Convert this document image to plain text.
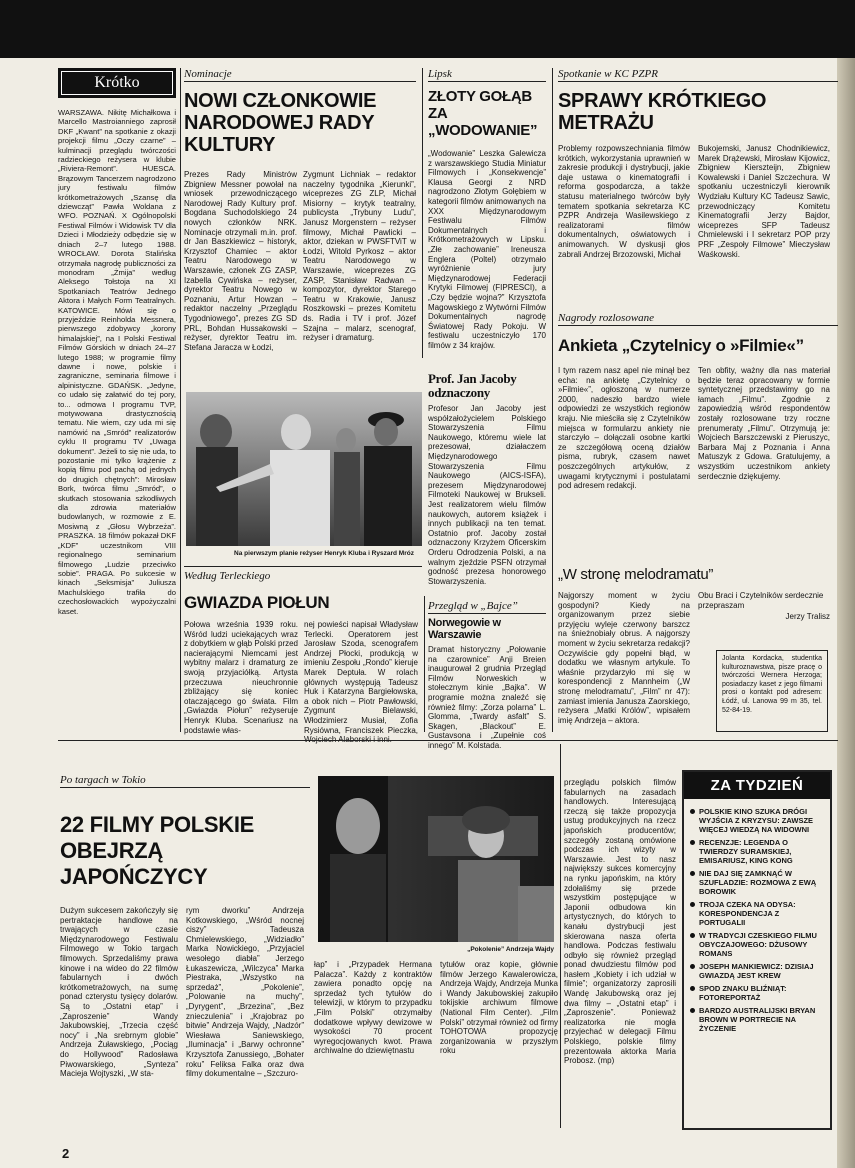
Krótko
WARSZAWA. Nikitę Michałkowa i Marcello Mastroianniego zaprosił DKF „Kwant” na spotkanie z okazji projekcji filmu „Oczy czarne” – kulminacji przeglądu twórczości radzieckiego reżysera w klubie „Riviera-Remont”. HUESCA. Brązowym Tancerzem nagrodzono jury festiwalu filmów krótkometrażowych „Szansę dla dziewcząt” Pawła Woldana z WFO. POZNAŃ. X Ogólnopolski Festiwal Filmów i Widowisk TV dla Dzieci i Młodzieży odbędzie się w dniach 2–7 lutego 1988. WROCŁAW. Dorota Stalińska otrzymała nagrodę publiczności za monodram „Żmija” według Aleksego Tołstoja na XI Spotkaniach Teatrów Jednego Aktora i Małych Form Teatralnych. KATOWICE. Mówi się o przyjeździe Reinholda Messnera, pierwszego zdobywcy „korony himalajskiej”, na I Polski Festiwal Filmów Górskich w dniach 24–27 lutego 1988; w programie filmy dawne i nowe, polskie i zagraniczne, seminaria filmowe i alpinistyczne. GDAŃSK. „Jedyne, co udało się załatwić do tej pory, to... odmowa I programu TVP, motywowana drastycznością tematu. Nie wiem, czy uda mi się namówić na „Smród” realizatorów cyklu II programu TV „Uwaga dokument”. Jeżeli to się nie uda, to pozostanie mi tylko krążenie z kopią filmu pod pachą od jednych do drugich chętnych”: Mirosław Bork, twórca filmu „Smród”, o skutkach stosowania szkodliwych dla zdrowia materiałów budowlanych, w rozmowie z E. Mosiwną z „Głosu Wybrzeża”. PRASZKA. 18 filmów pokazał DKF „KDF” uczestnikom VIII regionalnego seminarium filmowego „Ludzie przeciwko sobie”. PRAGA. Po sukcesie w kinach „Seksmisja” Juliusza Machulskiego trafiła do czechosłowackich wypożyczalni kaset.
Nominacje
NOWI CZŁONKOWIE NARODOWEJ RADY KULTURY
Prezes Rady Ministrów Zbigniew Messner powołał na wniosek przewodniczącego Narodowej Rady Kultury prof. Bogdana Suchodolskiego 24 nowych członków NRK. Nominacje otrzymali m.in. prof. dr Jan Baszkiewicz – historyk, Krzysztof Chamiec – aktor Teatru Narodowego w Warszawie, członek ZG ZASP, Izabella Cywińska – reżyser, dyrektor Teatru Nowego w Poznaniu, Artur Howzan – redaktor naczelny „Przeglądu Tygodniowego”, prezes ZG SD PRL, Bohdan Hussakowski – reżyser, dyrektor Teatru im. Stefana Jaracza w Łodzi,
Zygmunt Lichniak – redaktor naczelny tygodnika „Kierunki”, wiceprezes ZG ZLP, Michał Misiorny – krytyk teatralny, publicysta „Trybuny Ludu”, Janusz Morgenstern – reżyser filmowy, Michał Pawlicki – aktor, dziekan w PWSFTViT w Łodzi, Witold Pyrkosz – aktor Teatru Narodowego w Warszawie, wiceprezes ZG ZASP, Stanisław Radwan – kompozytor, dyrektor Starego Teatru w Krakowie, Janusz Roszkowski – prezes Komitetu ds. Radia i TV i prof. Józef Szajna – malarz, scenograf, reżyser i dramaturg.
Lipsk
ZŁOTY GOŁĄB ZA „WODOWANIE”
„Wodowanie” Leszka Galewicza z warszawskiego Studia Miniatur Filmowych i „Konsekwencje” Klausa Georgi z NRD nagrodzono Złotym Gołębiem w kategorii filmów animowanych na XXX Międzynarodowym Festiwalu Filmów Dokumentalnych i Krótkometrażowych w Lipsku. „Złe zachowanie” Ireneusza Englera (Poltel) otrzymało wyróżnienie jury Międzynarodowej Federacji Krytyki Filmowej (FIPRESCI), a „Czy będzie wojna?” Krzysztofa Magowskiego z Wytwórni Filmów Dokumentalnych nagrodę Światowej Rady Pokoju. W festiwalu uczestniczyło 170 filmów z 34 krajów.
Spotkanie w KC PZPR
SPRAWY KRÓTKIEGO METRAŻU
Problemy rozpowszechniania filmów krótkich, wykorzystania uprawnień w zakresie produkcji i dystrybucji, jakie daje ustawa o kinematografii i reforma gospodarcza, a także statusu materialnego twórców były tematem spotkania sekretarza KC PZPR Andrzeja Wasilewskiego z realizatorami filmów dokumentalnych, oświatowych i animowanych. W dyskusji głos zabrali Andrzej Brzozowski, Michał
Bukojemski, Janusz Chodnikiewicz, Marek Drążewski, Mirosław Kijowicz, Zbigniew Kierszteijn, Zbigniew Kowalewski i Daniel Szczechura. W spotkaniu uczestniczyli kierownik Wydziału Kultury KC Tadeusz Sawic, przewodniczący Komitetu Kinematografii Jerzy Bajdor, wiceprezes SFP Tadeusz Chmielewski i I sekretarz POP przy PRF „Zespoły Filmowe” Mieczysław Waśkowski.
Nagrody rozlosowane
Ankieta „Czytelnicy o »Filmie«”
I tym razem nasz apel nie minął bez echa: na ankietę „Czytelnicy o »Filmie«”, ogłoszoną w numerze 2000, nadeszło bardzo wiele odpowiedzi ze wszystkich regionów kraju. Nie mieściła się z Czytelników miejsca w formularzu ankiety nie starczyło – dołączali osobne kartki ze szczegółową oceną działów pisma, rubryk, czasem nawet poszczególnych artykułów, z uwagami krytycznymi i postulatami pod adresem redakcji.
Ten obfity, ważny dla nas materiał będzie teraz opracowany w formie syntetycznej przedstawimy go na łamach „Filmu”. Zgodnie z zapowiedzią wśród respondentów zostały rozlosowane trzy roczne prenumeraty „Filmu”. Otrzymują je: Wojciech Barszczewski z Pieruszyc, Barbara Maj z Poznania i Anna Matuszyk z Gdowa. Gratulujemy, a wszystkim uczestnikom ankiety serdecznie dziękujemy.
„W stronę melodramatu”
Najgorszy moment w życiu gospodyni? Kiedy na organizowanym przez siebie przyjęciu wyleje czerwony barszcz na śnieżnobiały obrus. A najgorszy moment w życiu sekretarza redakcji? Oczywiście gdy popełni błąd, w dodatku we własnym artykule. To właśnie przydarzyło mi się w korespondencji z Mannheim („W stronę melodramatu”, „Film” nr 47): zamiast imienia Janusza Zaorskiego, reżysera „Matki Królów”, wpisałem imię Andrzeja – aktora.
Obu Braci i Czytelników serdecznie przepraszam
Jerzy Tralisz
Jolanta Kordacka, studentka kulturoznawstwa, pisze pracę o twórczości Wernera Herzoga; posiadaczy kaset z jego filmami prosi o kontakt pod adresem: Łódź, ul. Lanowa 99 m 35, tel. 52-84-19.
Prof. Jan Jacoby odznaczony
Profesor Jan Jacoby jest współzałożycielem Polskiego Stowarzyszenia Filmu Naukowego, któremu wiele lat prezesował, działaczem Międzynarodowego Stowarzyszenia Filmu Naukowego (AICS-ISFA), prezesem Międzynarodowej Filmoteki Naukowej w Brukseli. Jest realizatorem wielu filmów naukowych, autorem książek i innych publikacji na ten temat. Ostatnio prof. Jacoby został odznaczony Krzyżem Oficerskim Orderu Odrodzenia Polski, a na walnym zjeździe PSFN otrzymał godność prezesa honorowego Stowarzyszenia.
Przegląd w „Bajce”
Norwegowie w Warszawie
Dramat historyczny „Połowanie na czarownice” Anji Breien inaugurował 2 grudnia Przegląd Filmów Norweskich w stołecznym kinie „Bajka”. W programie można znaleźć się również filmy: „Zorza polarna” L. Glomma, „Twardy asfalt” S. Skagen, „Blackout” E. Gustavsona i „Zupełnie coś innego” M. Kolstada.
Na pierwszym planie reżyser Henryk Kluba i Ryszard Mróz
Według Terleckiego
GWIAZDA PIOŁUN
Połowa września 1939 roku. Wśród ludzi uciekających wraz z dobytkiem w głąb Polski przed nacierającymi Niemcami jest wybitny malarz i dramaturg ze swoją przyjaciółką. Artysta przeczuwa nieuchronnie zbliżający się koniec otaczającego go świata. Film „Gwiazda Piołun” reżyseruje Henryk Kluba. Scenariusz na podstawie włas-
nej powieści napisał Władysław Terlecki. Operatorem jest Jarosław Szoda, scenografem Andrzej Płocki, produkcją w imieniu Zespołu „Rondo” kieruje Marek Deptuła. W rolach głównych występują Tadeusz Huk i Katarzyna Bargiełowska, a obok nich – Piotr Pawłowski, Zygmunt Bielawski, Włodzimierz Musiał, Zofia Rysiówna, Franciszek Pieczka,
Po targach w Tokio
22 FILMY POLSKIE OBEJRZĄ JAPOŃCZYCY
Dużym sukcesem zakończyły się pertraktacje handlowe na trwających w czasie Międzynarodowego Festiwalu Filmowego w Tokio targach filmowych. Sprzedaliśmy prawa kinowe i na wideo do 22 filmów fabularnych i dwóch krótkometrażowych, na sumę ponad czterystu tysięcy dolarów. Są to „Ostatni etap” i „Zaproszenie” Wandy Jakubowskiej, „Trzecia część nocy” i „Na srebrnym globie” Andrzeja Żuławskiego, „Pociąg do Hollywood” Radosława Piwowarskiego, „Synteza” Macieja Wojtyszki, „W sta-
rym dworku” Andrzeja Kotkowskiego, „Wśród nocnej ciszy” Tadeusza Chmielewskiego, „Widziadło” Marka Nowickiego, „Przyjaciel wesołego diabła” Jerzego Łukaszewicza, „Wilczyca” Marka Piestraka, „Wszystko na sprzedaż”, „Pokolenie”, „Polowanie na muchy”, „Dyrygent”, „Brzezina”, „Bez znieczulenia” i „Krajobraz po bitwie” Andrzeja Wajdy, „Nadzór” Wiesława Saniewskiego, „Iluminacja” i „Barwy ochronne” Krzysztofa Zanussiego, „Bohater roku” Feliksa Falka oraz dwa filmy dokumentalne – „Szczuro-
łap” i „Przypadek Hermana Palacza”. Każdy z kontraktów zawiera ponadto opcję na sprzedaż tych tytułów do telewizji, w którym to przypadku „Film Polski” otrzymałby dodatkowe wpływy dewizowe w wysokości 70 procent wyregocjowanych kwot. Prawa archiwalne do dziewiętnastu
tytułów oraz kopie, głównie filmów Jerzego Kawalerowicza, Andrzeja Wajdy, Andrzeja Munka i Wandy Jakubowskiej zakupiło tokijskie archiwum filmowe (National Film Center). „Film Polski” otrzymał również od firmy TOHOTOWA propozycję zorganizowania w przyszłym roku
„Pokolenie” Andrzeja Wajdy
przeglądu polskich filmów fabularnych na zasadach handlowych. Interesującą rzeczą się także propozycja ustug produkcyjnych na rzecz japońskich producentów; szczegóły zostaną omówione podczas ich wizyty w Warszawie. Jest to nasz największy sukces komercyjny na rynku japońskim, na który zdołaliśmy się przede wszystkim postępujące w Japonii odbudowa kin artystycznych, do których to kanału dystrybucji jest skierowana nasza oferta handlowa. Podczas festiwalu odbyło się również przegląd ponad dwudziestu filmów pod hasłem „Kobiety i ich udział w filmie”; organizatorzy zaprosili Wandę Jakubowską oraz jej dwa filmy – „Ostatni etap” i „Zaproszenie”. Ponieważ realizatorka nie mogła przyjechać w delegacji Filmu Polskiego, polskie filmy prezentowała aktorka Maria Probosz. (mp)
ZA TYDZIEŃ
POLSKIE KINO SZUKA DRÓGI WYJŚCIA Z KRYZYSU: ZAWSZE WIĘCEJ WIEDZĄ NA WIDOWNI
RECENZJE: LEGENDA O TWIERDZY SURAMSKIEJ, EMISARIUSZ, KING KONG
NIE DAJ SIĘ ZAMKNĄĆ W SZUFLADZIE: ROZMOWA Z EWĄ BOROWIK
TROJA CZEKA NA ODYSA: KORESPONDENCJA Z PORTUGALII
W TRADYCJI CZESKIEGO FILMU OBYCZAJOWEGO: DŻUSOWY ROMANS
JOSEPH MANKIEWICZ: DZISIAJ GWIAZDĄ JEST KREW
SPOD ZNAKU BLIŹNIĄT: FOTOREPORTAŻ
BARDZO AUSTRALIJSKI BRYAN BROWN W PORTRECIE NA ŻYCZENIE
2
